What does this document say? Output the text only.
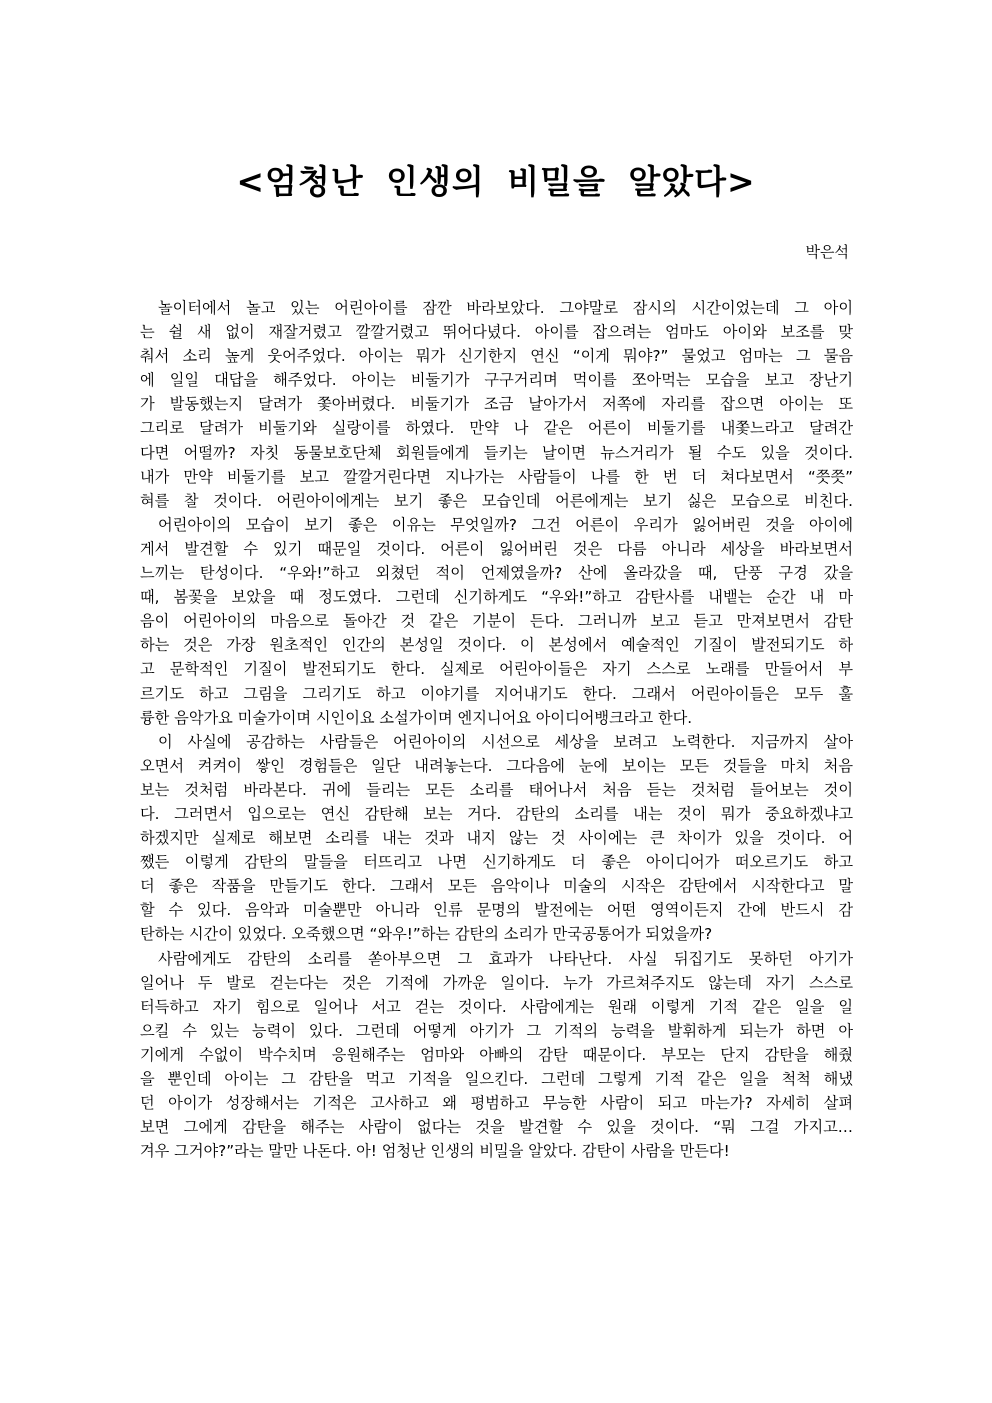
<엄청난 인생의 비밀을 알았다>
박은석
놀이터에서 놀고 있는 어린아이를 잠깐 바라보았다. 그야말로 잠시의 시간이었는데 그 아이
는 쉴 새 없이 재잘거렸고 깔깔거렸고 뛰어다녔다. 아이를 잡으려는 엄마도 아이와 보조를 맞
춰서 소리 높게 웃어주었다. 아이는 뭐가 신기한지 연신 “이게 뭐야?” 물었고 엄마는 그 물음
에 일일 대답을 해주었다. 아이는 비둘기가 구구거리며 먹이를 쪼아먹는 모습을 보고 장난기
가 발동했는지 달려가 쫓아버렸다. 비둘기가 조금 날아가서 저쪽에 자리를 잡으면 아이는 또
그리로 달려가 비둘기와 실랑이를 하였다. 만약 나 같은 어른이 비둘기를 내쫓느라고 달려간
다면 어떨까? 자칫 동물보호단체 회원들에게 들키는 날이면 뉴스거리가 될 수도 있을 것이다.
내가 만약 비둘기를 보고 깔깔거린다면 지나가는 사람들이 나를 한 번 더 쳐다보면서 “쯧쯧”
혀를 찰 것이다. 어린아이에게는 보기 좋은 모습인데 어른에게는 보기 싫은 모습으로 비친다.
어린아이의 모습이 보기 좋은 이유는 무엇일까? 그건 어른이 우리가 잃어버린 것을 아이에
게서 발견할 수 있기 때문일 것이다. 어른이 잃어버린 것은 다름 아니라 세상을 바라보면서
느끼는 탄성이다. “우와!”하고 외쳤던 적이 언제였을까? 산에 올라갔을 때, 단풍 구경 갔을
때, 봄꽃을 보았을 때 정도였다. 그런데 신기하게도 “우와!”하고 감탄사를 내뱉는 순간 내 마
음이 어린아이의 마음으로 돌아간 것 같은 기분이 든다. 그러니까 보고 듣고 만져보면서 감탄
하는 것은 가장 원초적인 인간의 본성일 것이다. 이 본성에서 예술적인 기질이 발전되기도 하
고 문학적인 기질이 발전되기도 한다. 실제로 어린아이들은 자기 스스로 노래를 만들어서 부
르기도 하고 그림을 그리기도 하고 이야기를 지어내기도 한다. 그래서 어린아이들은 모두 훌
륭한 음악가요 미술가이며 시인이요 소설가이며 엔지니어요 아이디어뱅크라고 한다.
이 사실에 공감하는 사람들은 어린아이의 시선으로 세상을 보려고 노력한다. 지금까지 살아
오면서 켜켜이 쌓인 경험들은 일단 내려놓는다. 그다음에 눈에 보이는 모든 것들을 마치 처음
보는 것처럼 바라본다. 귀에 들리는 모든 소리를 태어나서 처음 듣는 것처럼 들어보는 것이
다. 그러면서 입으로는 연신 감탄해 보는 거다. 감탄의 소리를 내는 것이 뭐가 중요하겠냐고
하겠지만 실제로 해보면 소리를 내는 것과 내지 않는 것 사이에는 큰 차이가 있을 것이다. 어
쨌든 이렇게 감탄의 말들을 터뜨리고 나면 신기하게도 더 좋은 아이디어가 떠오르기도 하고
더 좋은 작품을 만들기도 한다. 그래서 모든 음악이나 미술의 시작은 감탄에서 시작한다고 말
할 수 있다. 음악과 미술뿐만 아니라 인류 문명의 발전에는 어떤 영역이든지 간에 반드시 감
탄하는 시간이 있었다. 오죽했으면 “와우!”하는 감탄의 소리가 만국공통어가 되었을까?
사람에게도 감탄의 소리를 쏟아부으면 그 효과가 나타난다. 사실 뒤집기도 못하던 아기가
일어나 두 발로 걷는다는 것은 기적에 가까운 일이다. 누가 가르쳐주지도 않는데 자기 스스로
터득하고 자기 힘으로 일어나 서고 걷는 것이다. 사람에게는 원래 이렇게 기적 같은 일을 일
으킬 수 있는 능력이 있다. 그런데 어떻게 아기가 그 기적의 능력을 발휘하게 되는가 하면 아
기에게 수없이 박수치며 응원해주는 엄마와 아빠의 감탄 때문이다. 부모는 단지 감탄을 해줬
을 뿐인데 아이는 그 감탄을 먹고 기적을 일으킨다. 그런데 그렇게 기적 같은 일을 척척 해냈
던 아이가 성장해서는 기적은 고사하고 왜 평범하고 무능한 사람이 되고 마는가? 자세히 살펴
보면 그에게 감탄을 해주는 사람이 없다는 것을 발견할 수 있을 것이다. “뭐 그걸 가지고…
겨우 그거야?”라는 말만 나돈다. 아! 엄청난 인생의 비밀을 알았다. 감탄이 사람을 만든다!
